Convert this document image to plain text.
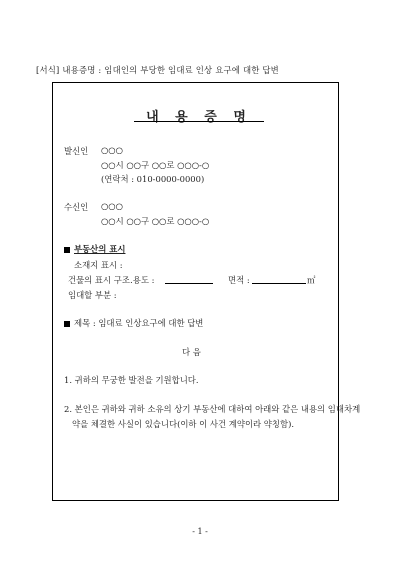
[서식] 내용증명 : 임대인의 부당한 임대료 인상 요구에 대한 답변
내 용 증 명
발신인 ○○○
○○시 ○○구 ○○로 ○○○-○
(연락처 : 010-0000-0000)
수신인 ○○○
○○시 ○○구 ○○로 ○○○-○
부동산의 표시
소재지 표시 :
건물의 표시 구조․용도 :	면적 :	㎡
임대할 부분 :
제목 : 임대료 인상요구에 대한 답변
다 음
1. 귀하의 무궁한 발전을 기원합니다.
2. 본인은 귀하와 귀하 소유의 상기 부동산에 대하여 아래와 같은 내용의 임대차계
약을 체결한 사실이 있습니다(이하 이 사건 계약이라 약칭함).
- 1 -
